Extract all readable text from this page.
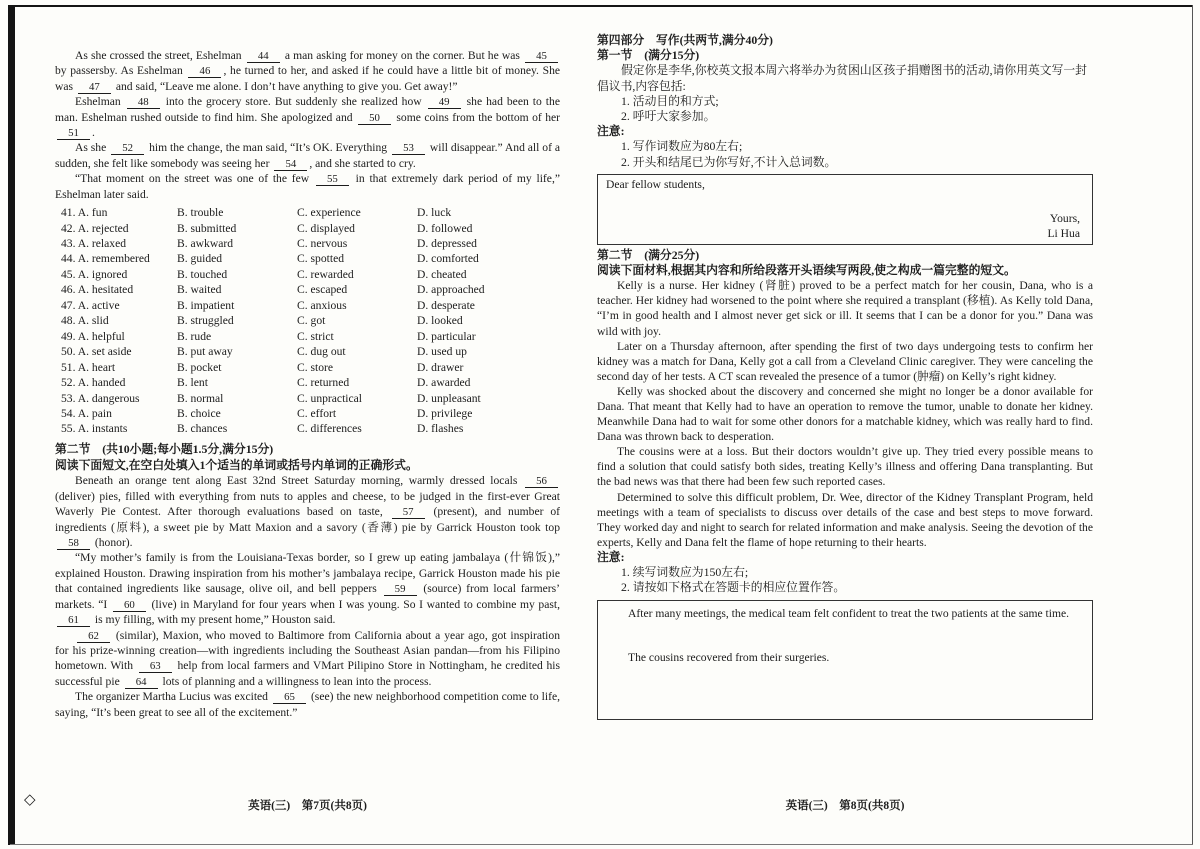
As she crossed the street, Eshelman 44 a man asking for money on the corner. But he was 45 by passersby. As Eshelman 46 , he turned to her, and asked if he could have a little bit of money. She was 47 and said, “Leave me alone. I don’t have anything to give you. Get away!”

Eshelman 48 into the grocery store. But suddenly she realized how 49 she had been to the man. Eshelman rushed outside to find him. She apologized and 50 some coins from the bottom of her 51 .

As she 52 him the change, the man said, “It’s OK. Everything 53 will disappear.” And all of a sudden, she felt like somebody was seeing her 54 , and she started to cry.

“That moment on the street was one of the few 55 in that extremely dark period of my life,” Eshelman later said.

41. A. fun	B. trouble	C. experience	D. luck
42. A. rejected	B. submitted	C. displayed	D. followed
43. A. relaxed	B. awkward	C. nervous	D. depressed
44. A. remembered	B. guided	C. spotted	D. comforted
45. A. ignored	B. touched	C. rewarded	D. cheated
46. A. hesitated	B. waited	C. escaped	D. approached
47. A. active	B. impatient	C. anxious	D. desperate
48. A. slid	B. struggled	C. got	D. looked
49. A. helpful	B. rude	C. strict	D. particular
50. A. set aside	B. put away	C. dug out	D. used up
51. A. heart	B. pocket	C. store	D. drawer
52. A. handed	B. lent	C. returned	D. awarded
53. A. dangerous	B. normal	C. unpractical	D. unpleasant
54. A. pain	B. choice	C. effort	D. privilege
55. A. instants	B. chances	C. differences	D. flashes

第二节　(共10小题;每小题1.5分,满分15分)

阅读下面短文,在空白处填入1个适当的单词或括号内单词的正确形式。

Beneath an orange tent along East 32nd Street Saturday morning, warmly dressed locals 56 (deliver) pies, filled with everything from nuts to apples and cheese, to be judged in the first-ever Great Waverly Pie Contest. After thorough evaluations based on taste, 57 (present), and number of ingredients (原料), a sweet pie by Matt Maxion and a savory (香薄) pie by Garrick Houston took top 58 (honor).

“My mother’s family is from the Louisiana-Texas border, so I grew up eating jambalaya (什锦饭),” explained Houston. Drawing inspiration from his mother’s jambalaya recipe, Garrick Houston made his pie that contained ingredients like sausage, olive oil, and bell peppers 59 (source) from local farmers’ markets. “I 60 (live) in Maryland for four years when I was young. So I wanted to combine my past, 61 is my filling, with my present home,” Houston said.

62 (similar), Maxion, who moved to Baltimore from California about a year ago, got inspiration for his prize-winning creation—with ingredients including the Southeast Asian pandan—from his Filipino hometown. With 63 help from local farmers and VMart Pilipino Store in Nottingham, he credited his successful pie 64 lots of planning and a willingness to lean into the process.

The organizer Martha Lucius was excited 65 (see) the new neighborhood competition come to life, saying, “It’s been great to see all of the excitement.”

第四部分　写作(共两节,满分40分)

第一节　(满分15分)

假定你是李华,你校英文报本周六将举办为贫困山区孩子捐赠图书的活动,请你用英文写一封倡议书,内容包括:

1. 活动目的和方式;

2. 呼吁大家参加。

注意:

1. 写作词数应为80左右;

2. 开头和结尾已为你写好,不计入总词数。

Dear fellow students,

Yours,

Li Hua

第二节　(满分25分)

阅读下面材料,根据其内容和所给段落开头语续写两段,使之构成一篇完整的短文。

Kelly is a nurse. Her kidney (肾脏) proved to be a perfect match for her cousin, Dana, who is a teacher. Her kidney had worsened to the point where she required a transplant (移植). As Kelly told Dana, “I’m in good health and I almost never get sick or ill. It seems that I can be a donor for you.” Dana was wild with joy.

Later on a Thursday afternoon, after spending the first of two days undergoing tests to confirm her kidney was a match for Dana, Kelly got a call from a Cleveland Clinic caregiver. They were canceling the second day of her tests. A CT scan revealed the presence of a tumor (肿瘤) on Kelly’s right kidney.

Kelly was shocked about the discovery and concerned she might no longer be a donor available for Dana. That meant that Kelly had to have an operation to remove the tumor, unable to donate her kidney. Meanwhile Dana had to wait for some other donors for a matchable kidney, which was really hard to find. Dana was thrown back to desperation.

The cousins were at a loss. But their doctors wouldn’t give up. They tried every possible means to find a solution that could satisfy both sides, treating Kelly’s illness and offering Dana transplanting. But the bad news was that there had been few such reported cases.

Determined to solve this difficult problem, Dr. Wee, director of the Kidney Transplant Program, held meetings with a team of specialists to discuss over details of the case and best steps to move forward. They worked day and night to search for related information and make analysis. Seeing the devotion of the experts, Kelly and Dana felt the flame of hope returning to their hearts.

注意:

1. 续写词数应为150左右;

2. 请按如下格式在答题卡的相应位置作答。

After many meetings, the medical team felt confident to treat the two patients at the same time.

The cousins recovered from their surgeries.

英语(三)　第7页(共8页)	英语(三)　第8页(共8页)
◇
